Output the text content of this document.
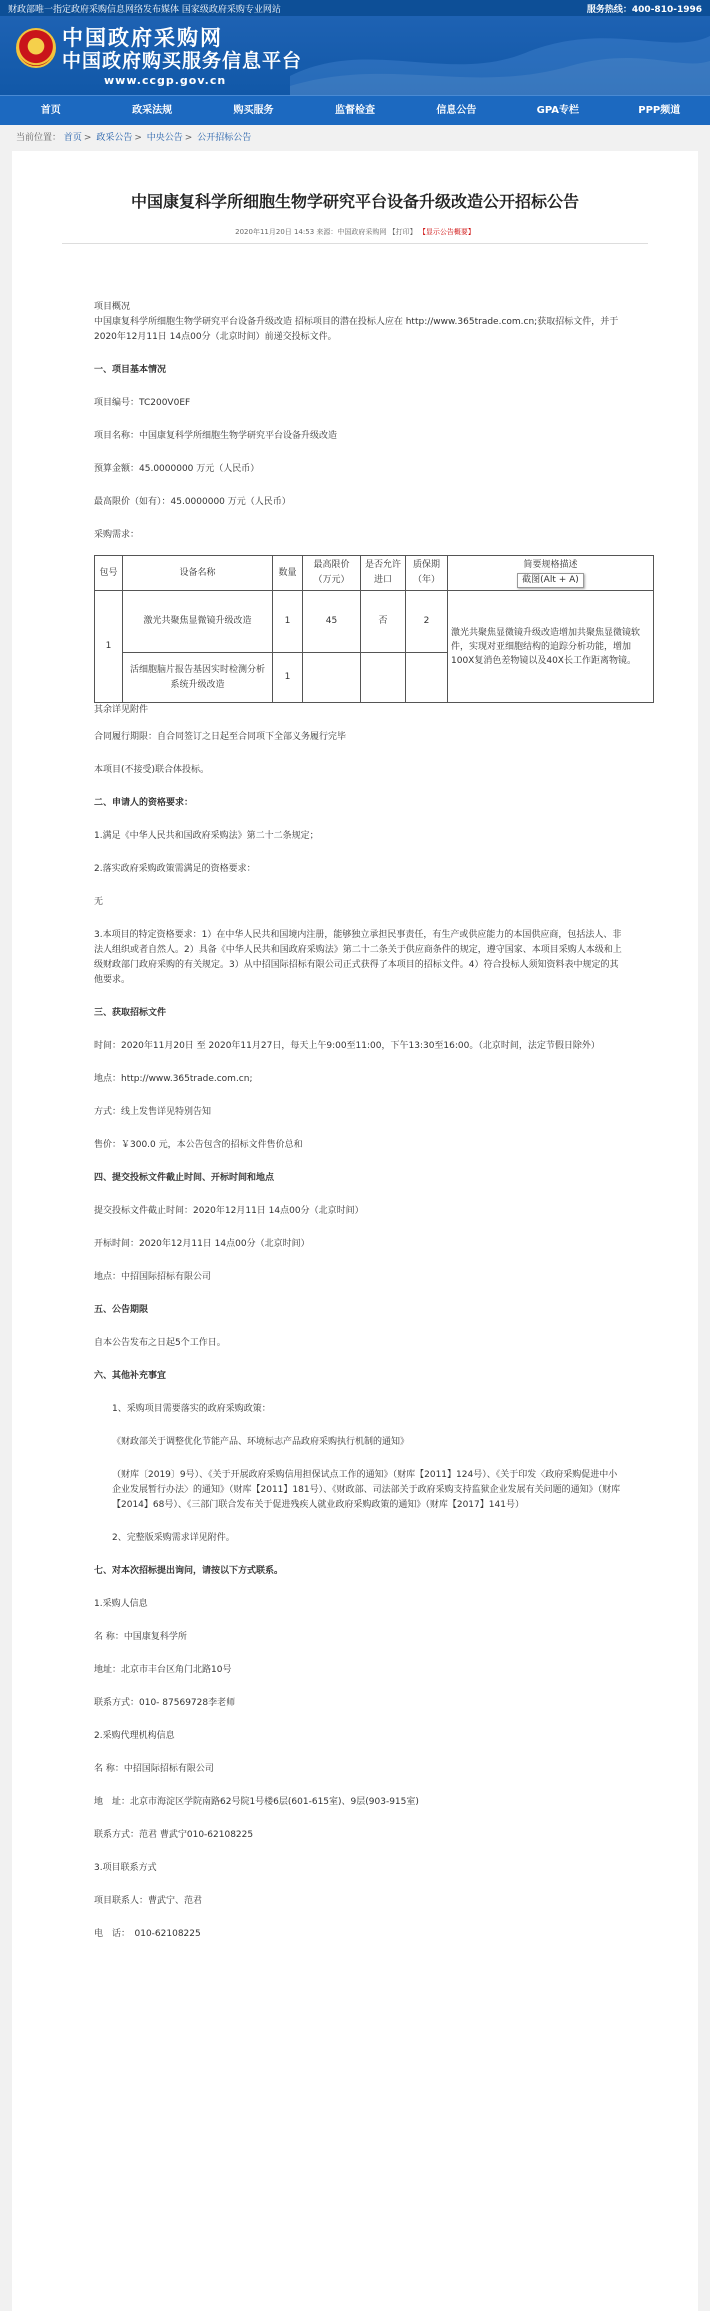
财政部唯一指定政府采购信息网络发布媒体 国家级政府采购专业网站	服务热线：400-810-1996
中国政府采购网
中国政府购买服务信息平台
www.ccgp.gov.cn
首页	政采法规	购买服务	监督检查	信息公告	GPA专栏	PPP频道
当前位置： 首页 > 政采公告 > 中央公告 > 公开招标公告
中国康复科学所细胞生物学研究平台设备升级改造公开招标公告
2020年11月20日 14:53 来源：中国政府采购网 【打印】 【显示公告概要】

项目概况

中国康复科学所细胞生物学研究平台设备升级改造 招标项目的潜在投标人应在 http://www.365trade.com.cn;获取招标文件，并于2020年12月11日 14点00分（北京时间）前递交投标文件。

一、项目基本情况

项目编号：TC200V0EF

项目名称：中国康复科学所细胞生物学研究平台设备升级改造

预算金额：45.0000000 万元（人民币）

最高限价（如有）：45.0000000 万元（人民币）

采购需求：

包号	设备名称	数量	最高限价（万元）	是否允许进口	质保期（年）	简要规格描述
截图(Alt + A)
1	激光共聚焦显微镜升级改造	1	45	否	2	激光共聚焦显微镜升级改造增加共聚焦显微镜软件，实现对亚细胞结构的追踪分析功能，增加100X复消色差物镜以及40X长工作距离物镜。
	活细胞脑片报告基因实时检测分析系统升级改造	1				

其余详见附件

合同履行期限：自合同签订之日起至合同项下全部义务履行完毕

本项目(不接受)联合体投标。

二、申请人的资格要求：

1.满足《中华人民共和国政府采购法》第二十二条规定；

2.落实政府采购政策需满足的资格要求：

无

3.本项目的特定资格要求：1）在中华人民共和国境内注册，能够独立承担民事责任，有生产或供应能力的本国供应商，包括法人、非法人组织或者自然人。2）具备《中华人民共和国政府采购法》第二十二条关于供应商条件的规定，遵守国家、本项目采购人本级和上级财政部门政府采购的有关规定。3）从中招国际招标有限公司正式获得了本项目的招标文件。4）符合投标人须知资料表中规定的其他要求。

三、获取招标文件

时间：2020年11月20日 至 2020年11月27日，每天上午9:00至11:00，下午13:30至16:00。（北京时间，法定节假日除外）

地点：http://www.365trade.com.cn;

方式：线上发售详见特别告知

售价：￥300.0 元，本公告包含的招标文件售价总和

四、提交投标文件截止时间、开标时间和地点

提交投标文件截止时间：2020年12月11日 14点00分（北京时间）

开标时间：2020年12月11日 14点00分（北京时间）

地点：中招国际招标有限公司

五、公告期限

自本公告发布之日起5个工作日。

六、其他补充事宜

1、采购项目需要落实的政府采购政策：

《财政部关于调整优化节能产品、环境标志产品政府采购执行机制的通知》

（财库〔2019〕9号）、《关于开展政府采购信用担保试点工作的通知》（财库【2011】124号）、《关于印发〈政府采购促进中小企业发展暂行办法〉的通知》（财库【2011】181号）、《财政部、司法部关于政府采购支持监狱企业发展有关问题的通知》（财库【2014】68号）、《三部门联合发布关于促进残疾人就业政府采购政策的通知》（财库【2017】141号）

2、完整版采购需求详见附件。

七、对本次招标提出询问，请按以下方式联系。

1.采购人信息

名 称：中国康复科学所

地址：北京市丰台区角门北路10号

联系方式：010- 87569728李老师

2.采购代理机构信息

名 称：中招国际招标有限公司

地　址：北京市海淀区学院南路62号院1号楼6层(601-615室)、9层(903-915室)

联系方式：范君 曹武宁010-62108225

3.项目联系方式

项目联系人：曹武宁、范君

电　话：　010-62108225
